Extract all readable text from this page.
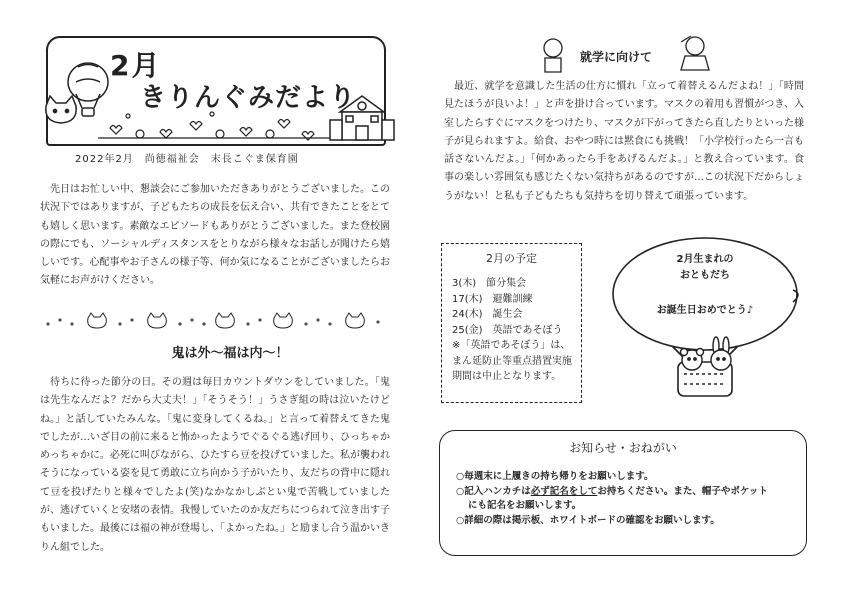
2月
きりんぐみだより
2022年2月　尚徳福祉会　末長こぐま保育園

先日はお忙しい中、懇談会にご参加いただきありがとうございました。この状況下ではありますが、子どもたちの成長を伝え合い、共有できたことをとても嬉しく思います。素敵なエピソードもありがとうございました。また登校園の際にでも、ソーシャルディスタンスをとりながら様々なお話しが聞けたら嬉しいです。心配事やお子さんの様子等、何か気になることがございましたらお気軽にお声がけください。

鬼は外〜福は内〜！

待ちに待った節分の日。その週は毎日カウントダウンをしていました。「鬼は先生なんだよ？だから大丈夫！」「そうそう！」うさぎ組の時は泣いたけどね。」と話していたみんな。「鬼に変身してくるね。」と言って着替えてきた鬼でしたが…いざ目の前に来ると怖かったようでぐるぐる逃げ回り、ひっちゃかめっちゃかに。必死に叫びながら、ひたすら豆を投げていました。私が襲われそうになっている姿を見て勇敢に立ち向かう子がいたり、友だちの背中に隠れて豆を投げたりと様々でしたよ(笑)なかなかしぶとい鬼で苦戦していましたが、逃げていくと安堵の表情。我慢していたのか友だちにつられて泣き出す子もいました。最後には福の神が登場し、「よかったね。」と励まし合う温かいきりん組でした。

就学に向けて

最近、就学を意識した生活の仕方に慣れ「立って着替えるんだよね！」「時間見たほうが良いよ！」と声を掛け合っています。マスクの着用も習慣がつき、入室したらすぐにマスクをつけたり、マスクが下がってきたら直したりといった様子が見られますよ。給食、おやつ時には黙食にも挑戦！「小学校行ったら一言も話さないんだよ。」「何かあったら手をあげるんだよ。」と教え合っています。食事の楽しい雰囲気も感じたくない気持ちがあるのですが…この状況下だからしょうがない！と私も子どもたちも気持ちを切り替えて頑張っています。

2月の予定
3(木)　節分集会
17(木)　避難訓練
24(木)　誕生会
25(金)　英語であそぼう
※「英語であそぼう」は、まん延防止等重点措置実施期間は中止となります。
2月生まれの
おともだち
お誕生日おめでとう♪
お知らせ・おねがい
○毎週末に上履きの持ち帰りをお願いします。
○記入ハンカチは必ず記名をしてお持ちください。また、帽子やポケット
にも記名をお願いします。
○詳細の際は掲示板、ホワイトボードの確認をお願いします。
